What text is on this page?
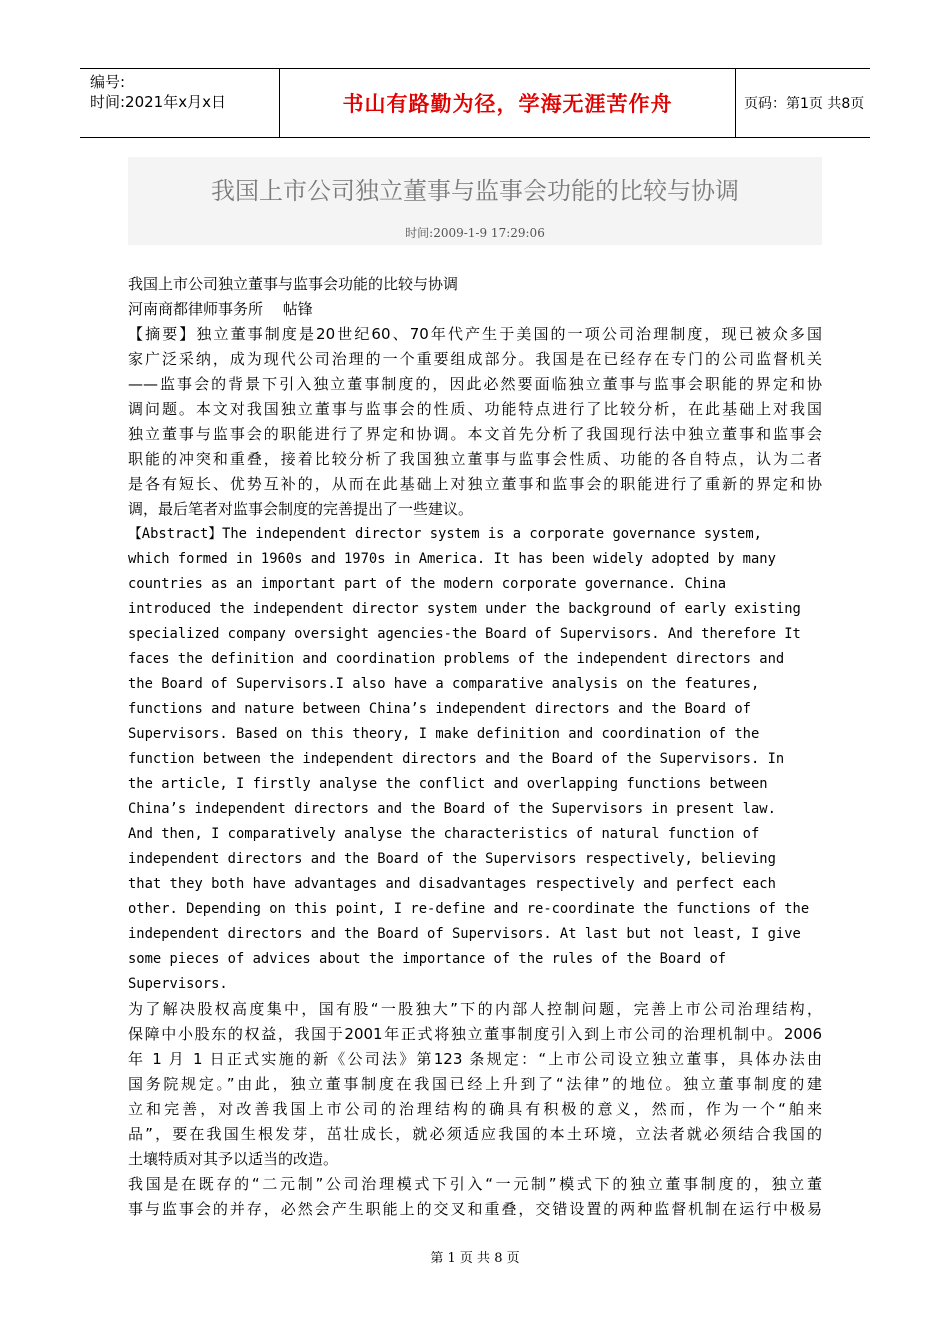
编号:
时间:2021年x月x日	书山有路勤为径，学海无涯苦作舟	页码：第1页 共8页
我国上市公司独立董事与监事会功能的比较与协调
时间:2009-1-9 17:29:06
我国上市公司独立董事与监事会功能的比较与协调
河南商都律师事务所　 帖锋
【摘要】独立董事制度是20世纪60、70年代产生于美国的一项公司治理制度，现已被众多国
家广泛采纳，成为现代公司治理的一个重要组成部分。我国是在已经存在专门的公司监督机关
——监事会的背景下引入独立董事制度的，因此必然要面临独立董事与监事会职能的界定和协
调问题。本文对我国独立董事与监事会的性质、功能特点进行了比较分析，在此基础上对我国
独立董事与监事会的职能进行了界定和协调。本文首先分析了我国现行法中独立董事和监事会
职能的冲突和重叠，接着比较分析了我国独立董事与监事会性质、功能的各自特点，认为二者
是各有短长、优势互补的，从而在此基础上对独立董事和监事会的职能进行了重新的界定和协
调，最后笔者对监事会制度的完善提出了一些建议。
【Abstract】The independent director system is a corporate governance system,
which formed in 1960s and 1970s in America. It has been widely adopted by many
countries as an important part of the modern corporate governance. China
introduced the independent director system under the background of early existing
specialized company oversight agencies-the Board of Supervisors. And therefore It
faces the definition and coordination problems of the independent directors and
the Board of Supervisors.I also have a comparative analysis on the features,
functions and nature between China’s independent directors and the Board of
Supervisors. Based on this theory, I make definition and coordination of the
function between the independent directors and the Board of the Supervisors. In
the article, I firstly analyse the conflict and overlapping functions between
China’s independent directors and the Board of the Supervisors in present law.
And then, I comparatively analyse the characteristics of natural function of
independent directors and the Board of the Supervisors respectively, believing
that they both have advantages and disadvantages respectively and perfect each
other. Depending on this point, I re-define and re-coordinate the functions of the
independent directors and the Board of Supervisors. At last but not least, I give
some pieces of advices about the importance of the rules of the Board of
Supervisors.
为了解决股权高度集中，国有股“一股独大”下的内部人控制问题，完善上市公司治理结构，
保障中小股东的权益，我国于2001年正式将独立董事制度引入到上市公司的治理机制中。2006
年 1 月 1 日正式实施的新《公司法》第123 条规定：“上市公司设立独立董事，具体办法由
国务院规定。”由此，独立董事制度在我国已经上升到了“法律”的地位。独立董事制度的建
立和完善，对改善我国上市公司的治理结构的确具有积极的意义，然而，作为一个“舶来
品”，要在我国生根发芽，茁壮成长，就必须适应我国的本土环境，立法者就必须结合我国的
土壤特质对其予以适当的改造。
我国是在既存的“二元制”公司治理模式下引入“一元制”模式下的独立董事制度的，独立董
事与监事会的并存，必然会产生职能上的交叉和重叠，交错设置的两种监督机制在运行中极易
第 1 页 共 8 页
